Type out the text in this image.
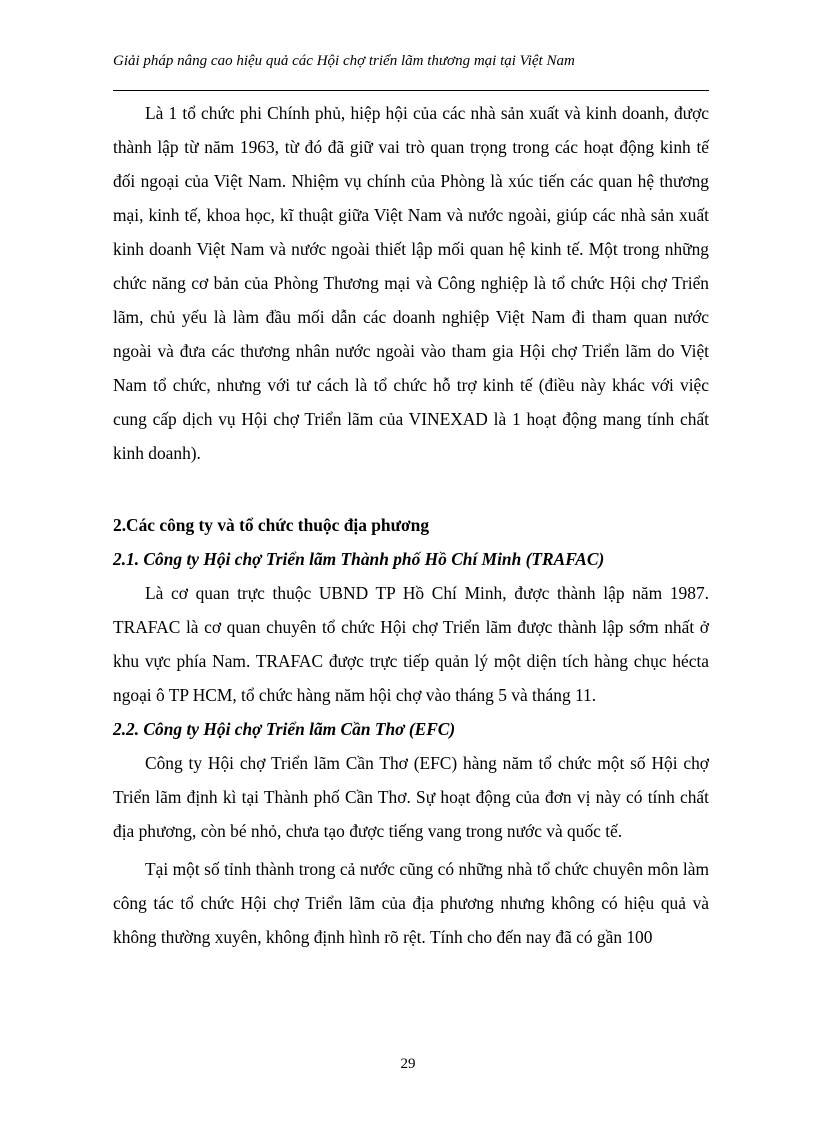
Giải pháp nâng cao hiệu quả các Hội chợ triển lãm thương mại tại Việt Nam

Là 1 tổ chức phi Chính phủ, hiệp hội của các nhà sản xuất và kinh doanh, được thành lập từ năm 1963, từ đó đã giữ vai trò quan trọng trong các hoạt động kinh tế đối ngoại của Việt Nam. Nhiệm vụ chính của Phòng là xúc tiến các quan hệ thương mại, kinh tế, khoa học, kĩ thuật giữa Việt Nam và nước ngoài, giúp các nhà sản xuất kinh doanh Việt Nam và nước ngoài thiết lập mối quan hệ kinh tế. Một trong những chức năng cơ bản của Phòng Thương mại và Công nghiệp là tổ chức Hội chợ Triển lãm, chủ yếu là làm đầu mối dẫn các doanh nghiệp Việt Nam đi tham quan nước ngoài và đưa các thương nhân nước ngoài vào tham gia Hội chợ Triển lãm do Việt Nam tổ chức, nhưng với tư cách là tổ chức hỗ trợ kinh tế (điều này khác với việc cung cấp dịch vụ Hội chợ Triển lãm của VINEXAD là 1 hoạt động mang tính chất kinh doanh).

2.Các công ty và tổ chức thuộc địa phương
2.1. Công ty Hội chợ Triển lãm Thành phố Hồ Chí Minh (TRAFAC)

Là cơ quan trực thuộc UBND TP Hồ Chí Minh, được thành lập năm 1987. TRAFAC là cơ quan chuyên tổ chức Hội chợ Triển lãm được thành lập sớm nhất ở khu vực phía Nam. TRAFAC được trực tiếp quản lý một diện tích hàng chục hécta ngoại ô TP HCM, tổ chức hàng năm hội chợ vào tháng 5 và tháng 11.

2.2. Công ty Hội chợ Triển lãm Cần Thơ (EFC)

Công ty Hội chợ Triển lãm Cần Thơ (EFC) hàng năm tổ chức một số Hội chợ Triển lãm định kì tại Thành phố Cần Thơ. Sự hoạt động của đơn vị này có tính chất địa phương, còn bé nhỏ, chưa tạo được tiếng vang trong nước và quốc tế.

Tại một số tỉnh thành trong cả nước cũng có những nhà tổ chức chuyên môn làm công tác tổ chức Hội chợ Triển lãm của địa phương nhưng không có hiệu quả và không thường xuyên, không định hình rõ rệt. Tính cho đến nay đã có gần 100

29
